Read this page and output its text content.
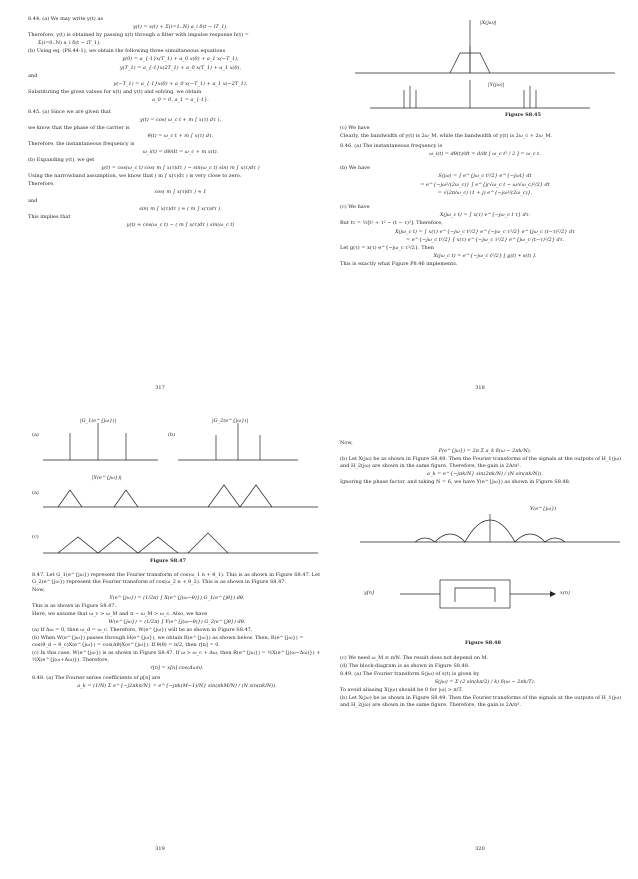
8.44. (a) We may write y(t) as

y(t) = x(t) + Σ(i=1..N) a_i δ(t − iT_1).

Therefore, y(t) is obtained by passing x(t) through a filter with impulse response h(t) =

Σ(i=0..N) a_i δ(t − iT_1).

(b) Using eq. (P8.44-1), we obtain the following three simultaneous equations

y(0) = a_{-1}x(T_1) + a_0 x(0) + a_1 x(−T_1),

y(T_1) = a_{-1}x(2T_1) + a_0 x(T_1) + a_1 x(0),

and

y(−T_1) = a_{-1}x(0) + a_0 x(−T_1) + a_1 x(−2T_1).

Substituting the given values for x(t) and y(t) and solving, we obtain

a_0 = 0, a_1 = a_{-1}.

8.45. (a) Since we are given that

y(t) = cos( ω_c t + m ∫ x(τ) dτ ),

we know that the phase of the carrier is

θ(t) = ω_c t + m ∫ x(τ) dτ.

Therefore, the instantaneous frequency is

ω_i(t) = dθ/dt = ω_c + m x(t).

(b) Expanding y(t), we get

y(t) = cos(ω_c t) cos( m ∫ x(τ)dτ ) − sin(ω_c t) sin( m ∫ x(τ)dτ )

Using the narrowband assumption, we know that ( m ∫ x(τ)dτ ) is very close to zero.

Therefore,

cos( m ∫ x(τ)dτ ) ≈ 1

and

sin( m ∫ x(τ)dτ ) ≈ ( m ∫ x(τ)dτ ).

This implies that

y(t) ≈ cos(ω_c t) − ( m ∫ x(τ)dτ ) sin(ω_c t)

317
|X(jω)|
|Y(jω)|
Figure S8.45

(c) We have

Clearly, the bandwidth of y(t) is 2ω_M, while the bandwidth of y(t) is 2ω_c + 2ω_M.

8.46. (a) The instantaneous frequency is

ω_i(t) = dθ(t)/dt = d/dt [ ω_c t² / 2 ] = ω_c t.

(b) We have

S(jω) = ∫ e^{jω_c t²/2} e^{−jωt} dt

= e^{−jω²/(2ω_c)} ∫ e^{j(√ω_c t − ω/√ω_c)²/2} dt

= √(2π/ω_c) (1 + j) e^{−jω²/(2ω_c)}.

(c) We have

X(jω_c t) = ∫ x(τ) e^{−jω_c t τ} dτ.

But tτ = ½[t² + τ² − (t − τ)²]. Therefore,

X(jω_c t) = ∫ x(τ) e^{−jω_c t²/2} e^{−jω_c τ²/2} e^{jω_c (t−τ)²/2} dτ

= e^{−jω_c t²/2} ∫ x(τ) e^{−jω_c τ²/2} e^{jω_c (t−τ)²/2} dτ.

Let g(τ) = x(τ) e^{−jω_c τ²/2}. Then

X(jω_c t) = e^{−jω_c t²/2} [ g(t) ∗ s(t) ].

This is exactly what Figure P8.46 implements.

318
(a)	(b)
(a)
(c)
|G_1(e^{jω})|	|G_2(e^{jω})|
|Y(e^{jω})|
Figure S8.47

8.47. Let G_1(e^{jω}) represent the Fourier transform of cos(ω_1 n + θ_1). This is as shown in Figure S8.47. Let G_2(e^{jω}) represent the Fourier transform of cos(ω_2 n + θ_2). This is as shown in Figure S8.47.

Now,

Y(e^{jω}) = (1/2π) ∫ X(e^{j(ω−θ)}) G_1(e^{jθ}) dθ.

This is as shown in Figure S8.47.

Here, we assume that ω_c > ω_M and π − ω_M > ω_c. Also, we have

W(e^{jω}) = (1/2π) ∫ Y(e^{j(ω−θ)}) G_2(e^{jθ}) dθ.

(a) If Δω = 0, then ω_d = ω_c. Therefore, W(e^{jω}) will be as shown in Figure S8.47.

(b) When W(e^{jω}) passes through H(e^{jω}), we obtain R(e^{jω}) as shown below. Then, R(e^{jω}) = cos(θ_d − θ_c)X(e^{jω}) = cos(Δθ)X(e^{jω}). If θ(θ) = π/2, then r[n] = 0.

(c) In this case, W(e^{jω}) is as shown in Figure S8.47. If ω > ω_c + Δω, then R(e^{jω}) = ½X(e^{j(ω−Δω)}) + ½X(e^{j(ω+Δω)}). Therefore,

r[n] = x[n] cos(Δωn).

8.48. (a) The Fourier series coefficients of p[n] are

a_k = (1/N) Σ e^{−j2πkn/N} = e^{−jπk(M−1)/N} sin(πkM/N) / (N sin(πk/N)).

319

Now,

P(e^{jω}) = 2π Σ a_k δ(ω − 2πk/N).

(b) Let X(jω) be as shown in Figure S8.49. Then the Fourier transforms of the signals at the outputs of H_1(jω) and H_2(jω) are shown in the same figure. Therefore, the gain is 2A/π².

a_k = e^{−jπk/N} sin(2πk/N) / (N sin(πk/N)).

Ignoring the phase factor, and taking N = 6, we have Y(e^{jω}) as shown in Figure S8.48.

Y(e^{jω})
y[n]	x(n)
Figure S8.48

(c) We need ω_M ≤ π/N. The result does not depend on M.

(d) The block-diagram is as shown in Figure S8.48.

8.49. (a) The Fourier transform S(jω) of s(t) is given by

S(jω) = Σ (2 sin(kπ/2) / k) δ(ω − 2πk/T).

To avoid aliasing X(jω) should be 0 for |ω| > π/T.

(b) Let X(jω) be as shown in Figure S8.49. Then the Fourier transforms of the signals at the outputs of H_1(jω) and H_2(jω) are shown in the same figure. Therefore, the gain is 2A/π².

320
